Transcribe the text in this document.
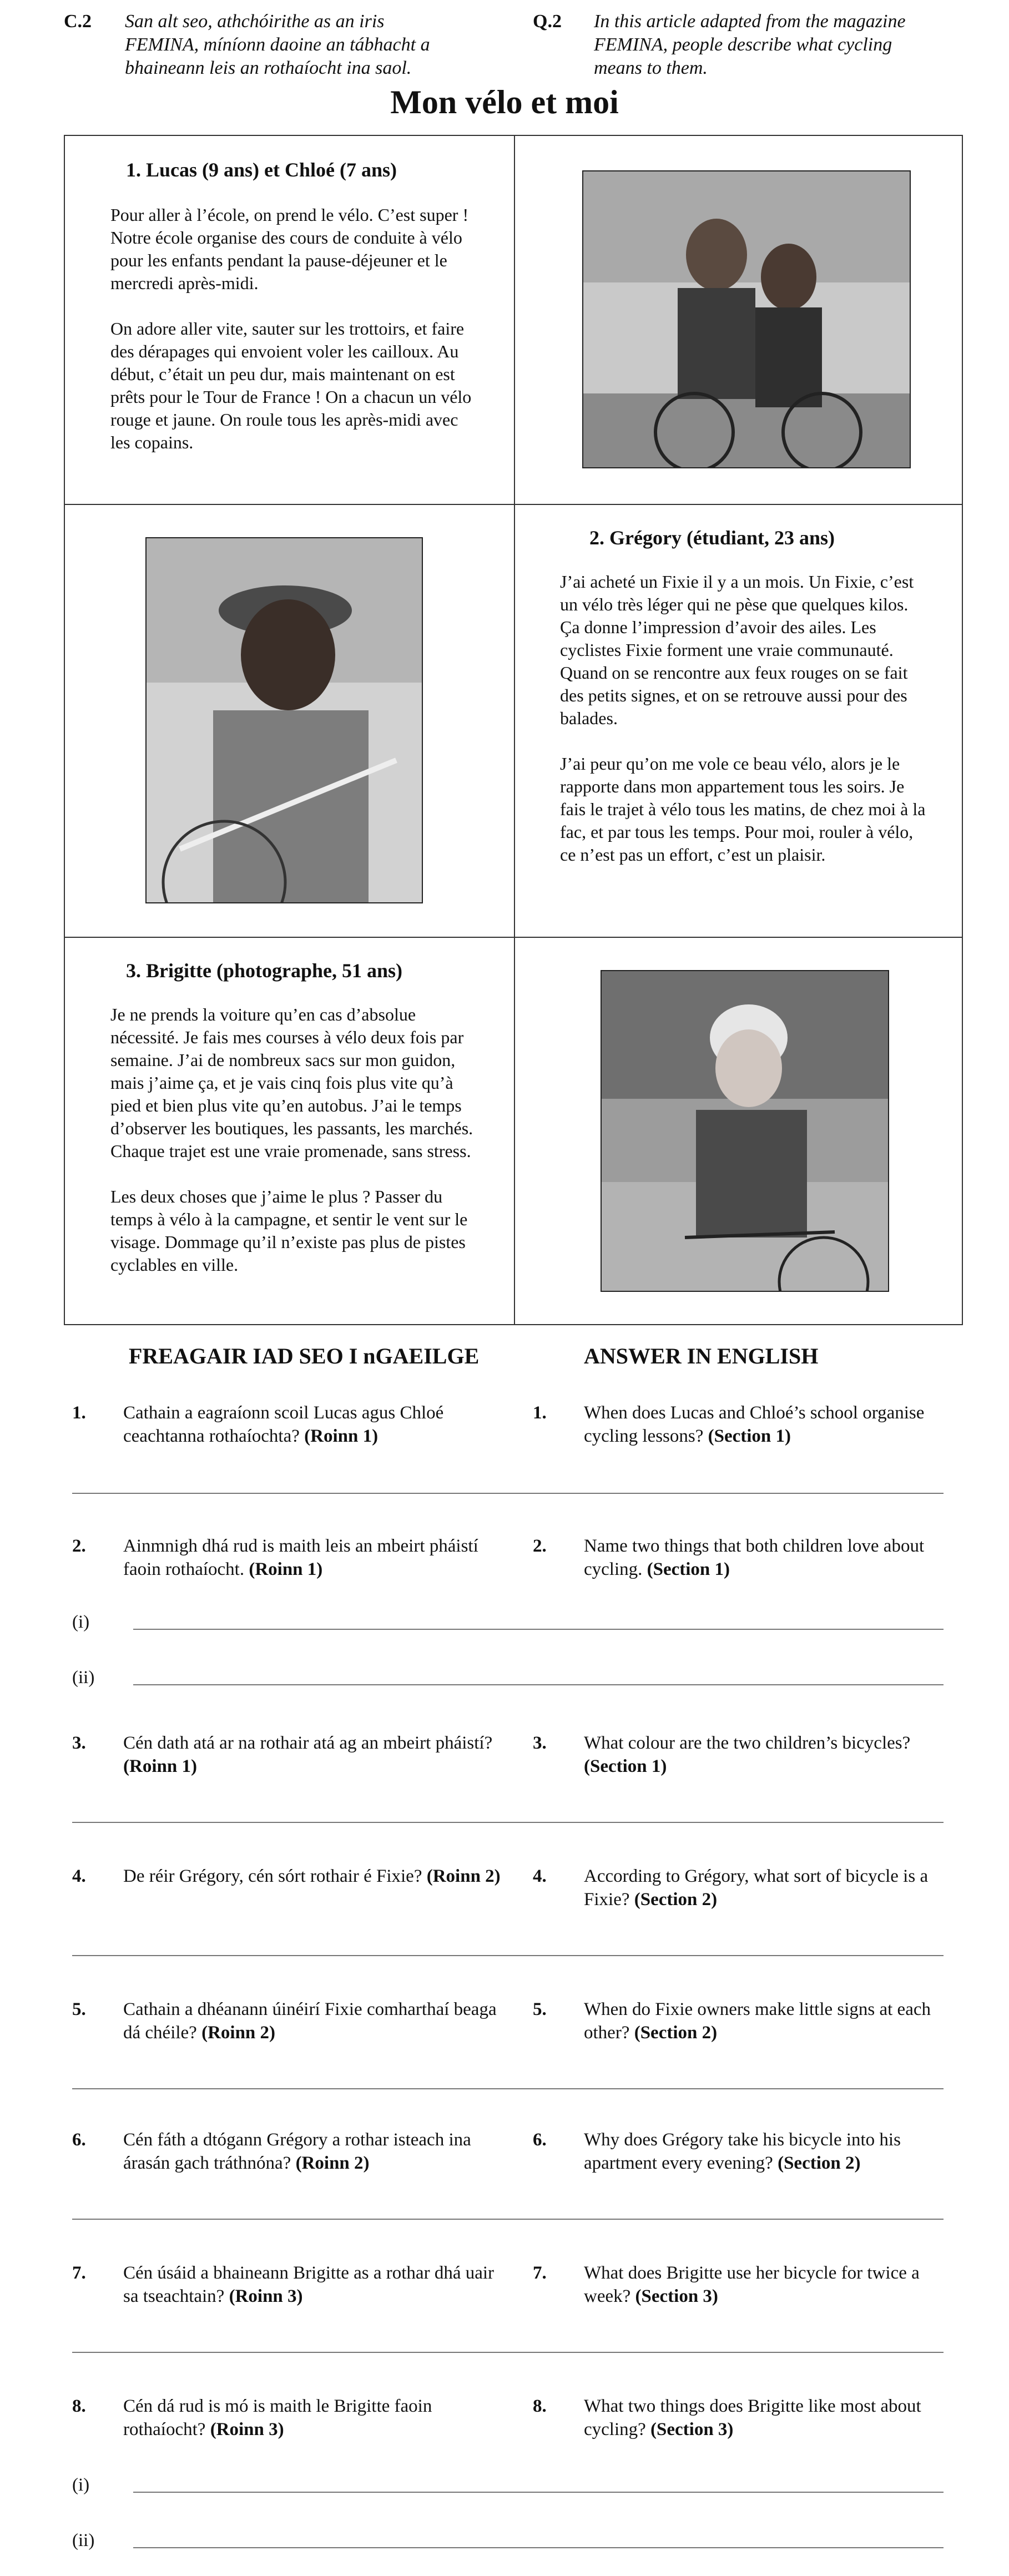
C.2 San alt seo, athchóirithe as an iris FEMINA, míníonn daoine an tábhacht a bhaineann leis an rothaíocht ina saol.
Q.2 In this article adapted from the magazine FEMINA, people describe what cycling means to them.
Mon vélo et moi
1. Lucas (9 ans) et Chloé (7 ans)

Pour aller à l’école, on prend le vélo. C’est super ! Notre école organise des cours de conduite à vélo pour les enfants pendant la pause-déjeuner et le mercredi après-midi.

On adore aller vite, sauter sur les trottoirs, et faire des dérapages qui envoient voler les cailloux. Au début, c’était un peu dur, mais maintenant on est prêts pour le Tour de France ! On a chacun un vélo rouge et jaune. On roule tous les après-midi avec les copains.

2. Grégory (étudiant, 23 ans)

J’ai acheté un Fixie il y a un mois. Un Fixie, c’est un vélo très léger qui ne pèse que quelques kilos. Ça donne l’impression d’avoir des ailes. Les cyclistes Fixie forment une vraie communauté. Quand on se rencontre aux feux rouges on se fait des petits signes, et on se retrouve aussi pour des balades.

J’ai peur qu’on me vole ce beau vélo, alors je le rapporte dans mon appartement tous les soirs. Je fais le trajet à vélo tous les matins, de chez moi à la fac, et par tous les temps. Pour moi, rouler à vélo, ce n’est pas un effort, c’est un plaisir.

3. Brigitte (photographe, 51 ans)

Je ne prends la voiture qu’en cas d’absolue nécessité. Je fais mes courses à vélo deux fois par semaine. J’ai de nombreux sacs sur mon guidon, mais j’aime ça, et je vais cinq fois plus vite qu’à pied et bien plus vite qu’en autobus. J’ai le temps d’observer les boutiques, les passants, les marchés. Chaque trajet est une vraie promenade, sans stress.

Les deux choses que j’aime le plus ? Passer du temps à vélo à la campagne, et sentir le vent sur le visage. Dommage qu’il n’existe pas plus de pistes cyclables en ville.

FREAGAIR IAD SEO I nGAEILGE	ANSWER IN ENGLISH
1. Cathain a eagraíonn scoil Lucas agus Chloé ceachtanna rothaíochta? (Roinn 1)
1. When does Lucas and Chloé’s school organise cycling lessons? (Section 1)
2. Ainmnigh dhá rud is maith leis an mbeirt pháistí faoin rothaíocht. (Roinn 1)
2. Name two things that both children love about cycling. (Section 1)
(i)
(ii)
3. Cén dath atá ar na rothair atá ag an mbeirt pháistí? (Roinn 1)
3. What colour are the two children’s bicycles? (Section 1)
4. De réir Grégory, cén sórt rothair é Fixie? (Roinn 2)	4. According to Grégory, what sort of bicycle is a Fixie? (Section 2)
5. Cathain a dhéanann úinéirí Fixie comharthaí beaga dá chéile? (Roinn 2)
5. When do Fixie owners make little signs at each other? (Section 2)
6. Cén fáth a dtógann Grégory a rothar isteach ina árasán gach tráthnóna? (Roinn 2)
6. Why does Grégory take his bicycle into his apartment every evening? (Section 2)
7. Cén úsáid a bhaineann Brigitte as a rothar dhá uair sa tseachtain? (Roinn 3)
7. What does Brigitte use her bicycle for twice a week? (Section 3)
8. Cén dá rud is mó is maith le Brigitte faoin rothaíocht? (Roinn 3)
8. What two things does Brigitte like most about cycling? (Section 3)
(i)
(ii)
